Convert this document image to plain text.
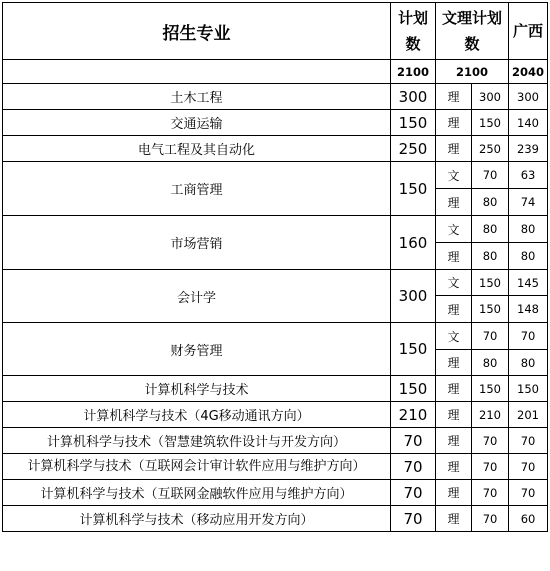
招生专业	计划数	文理计划数		广西
	2100	2100		2040
土木工程	300	理	300	300
交通运输	150	理	150	140
电气工程及其自动化	250	理	250	239
工商管理	150	文	70	63
		理	80	74
市场营销	160	文	80	80
		理	80	80
会计学	300	文	150	145
		理	150	148
财务管理	150	文	70	70
		理	80	80
计算机科学与技术	150	理	150	150
计算机科学与技术（4G移动通讯方向）	210	理	210	201
计算机科学与技术（智慧建筑软件设计与开发方向）	70	理	70	70
计算机科学与技术（互联网会计审计软件应用与维护方向）	70	理	70	70
计算机科学与技术（互联网金融软件应用与维护方向）	70	理	70	70
计算机科学与技术（移动应用开发方向）	70	理	70	60
